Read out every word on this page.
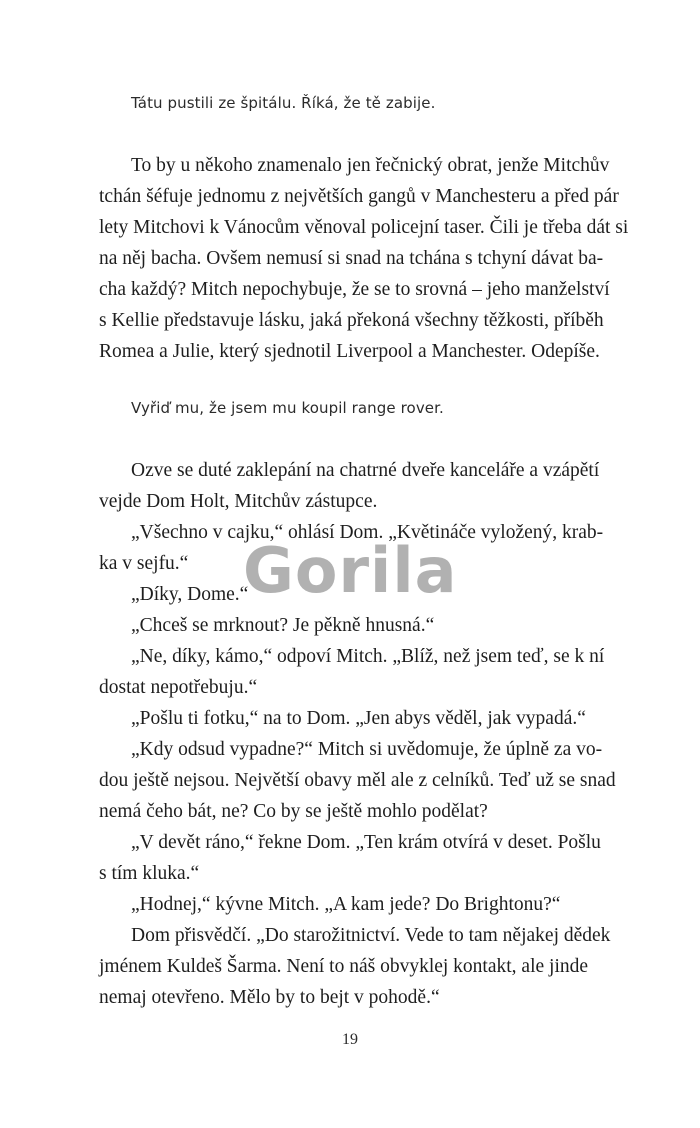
Tátu pustili ze špitálu. Říká, že tě zabije.
To by u někoho znamenalo jen řečnický obrat, jenže Mitchův
tchán šéfuje jednomu z největších gangů v Manchesteru a před pár
lety Mitchovi k Vánocům věnoval policejní taser. Čili je třeba dát si
na něj bacha. Ovšem nemusí si snad na tchána s tchyní dávat ba-
cha každý? Mitch nepochybuje, že se to srovná – jeho manželství
s Kellie představuje lásku, jaká překoná všechny těžkosti, příběh
Romea a Julie, který sjednotil Liverpool a Manchester. Odepíše.
Vyřiď mu, že jsem mu koupil range rover.
Ozve se duté zaklepání na chatrné dveře kanceláře a vzápětí
vejde Dom Holt, Mitchův zástupce.
„Všechno v cajku,“ ohlásí Dom. „Květináče vyložený, krab-
ka v sejfu.“
„Díky, Dome.“
„Chceš se mrknout? Je pěkně hnusná.“
„Ne, díky, kámo,“ odpoví Mitch. „Blíž, než jsem teď, se k ní
dostat nepotřebuju.“
„Pošlu ti fotku,“ na to Dom. „Jen abys věděl, jak vypadá.“
„Kdy odsud vypadne?“ Mitch si uvědomuje, že úplně za vo-
dou ještě nejsou. Největší obavy měl ale z celníků. Teď už se snad
nemá čeho bát, ne? Co by se ještě mohlo podělat?
„V devět ráno,“ řekne Dom. „Ten krám otvírá v deset. Pošlu
s tím kluka.“
„Hodnej,“ kývne Mitch. „A kam jede? Do Brightonu?“
Dom přisvědčí. „Do starožitnictví. Vede to tam nějakej dědek
jménem Kuldeš Šarma. Není to náš obvyklej kontakt, ale jinde
nemaj otevřeno. Mělo by to bejt v pohodě.“
Gorila
19
